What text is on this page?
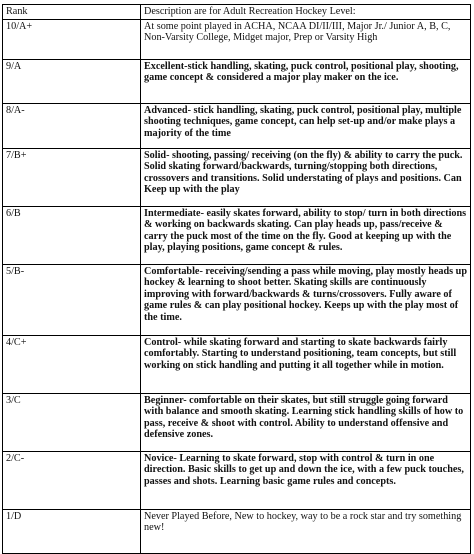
Rank	Description are for Adult Recreation Hockey Level:
10/A+	At some point played in ACHA, NCAA DI/II/III, Major Jr./ Junior A, B, C, Non-Varsity College, Midget major, Prep or Varsity High
9/A	Excellent-stick handling, skating, puck control, positional play, shooting, game concept & considered a major play maker on the ice.
8/A-	Advanced- stick handling, skating, puck control, positional play, multiple shooting techniques, game concept, can help set-up and/or make plays a majority of the time
7/B+	Solid- shooting, passing/ receiving (on the fly) & ability to carry the puck. Solid skating forward/backwards, turning/stopping both directions, crossovers and transitions. Solid understating of plays and positions. Can Keep up with the play
6/B	Intermediate- easily skates forward, ability to stop/ turn in both directions & working on backwards skating. Can play heads up, pass/receive & carry the puck most of the time on the fly. Good at keeping up with the play, playing positions, game concept & rules.
5/B-	Comfortable- receiving/sending a pass while moving, play mostly heads up hockey & learning to shoot better. Skating skills are continuously improving with forward/backwards & turns/crossovers. Fully aware of game rules & can play positional hockey. Keeps up with the play most of the time.
4/C+	Control- while skating forward and starting to skate backwards fairly comfortably. Starting to understand positioning, team concepts, but still working on stick handling and putting it all together while in motion.
3/C	Beginner- comfortable on their skates, but still struggle going forward with balance and smooth skating. Learning stick handling skills of how to pass, receive & shoot with control. Ability to understand offensive and defensive zones.
2/C-	Novice- Learning to skate forward, stop with control & turn in one direction. Basic skills to get up and down the ice, with a few puck touches, passes and shots. Learning basic game rules and concepts.
1/D	Never Played Before, New to hockey, way to be a rock star and try something new!
